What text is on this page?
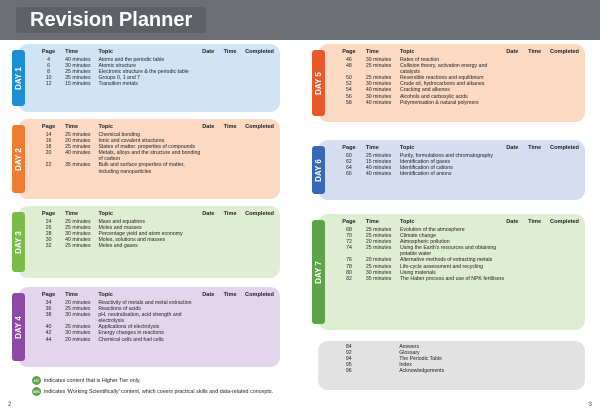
Revision Planner
DAY 1
Page	Time	Topic	Date	Time	Completed
4	40 minutes	Atoms and the periodic table			
6	30 minutes	Atomic structure			
8	25 minutes	Electronic structure & the periodic table			
10	35 minutes	Groups 0, 1 and 7			
12	15 minutes	Transition metals			
DAY 2
Page	Time	Topic	Date	Time	Completed
14	25 minutes	Chemical bonding			
16	20 minutes	Ionic and covalent structures			
18	25 minutes	States of matter: properties of compounds			
20	40 minutes	Metals, alloys and the structure and bonding of carbon			
22	35 minutes	Bulk and surface properties of matter, including nanoparticles			
DAY 3
Page	Time	Topic	Date	Time	Completed
24	25 minutes	Mass and equations			
26	25 minutes	Moles and masses			
28	30 minutes	Percentage yield and atom economy			
30	40 minutes	Moles, solutions and masses			
32	25 minutes	Moles and gases			
DAY 4
Page	Time	Topic	Date	Time	Completed
34	20 minutes	Reactivity of metals and metal extraction			
36	25 minutes	Reactions of acids			
38	30 minutes	pH, neutralisation, acid strength and electrolysis			
40	25 minutes	Applications of electrolysis			
42	30 minutes	Energy changes in reactions			
44	20 minutes	Chemical cells and fuel cells			
DAY 5
Page	Time	Topic	Date	Time	Completed
46	30 minutes	Rates of reaction			
48	25 minutes	Collision theory, activation energy and catalysts			
50	25 minutes	Reversible reactions and equilibrium			
52	30 minutes	Crude oil, hydrocarbons and alkanes			
54	40 minutes	Cracking and alkenes			
56	30 minutes	Alcohols and carboxylic acids			
58	40 minutes	Polymerisation & natural polymers			
DAY 6
Page	Time	Topic	Date	Time	Completed
60	25 minutes	Purity, formulations and chromatography			
62	15 minutes	Identification of gases			
64	40 minutes	Identification of cations			
66	40 minutes	Identification of anions			
DAY 7
Page	Time	Topic	Date	Time	Completed
68	25 minutes	Evolution of the atmosphere			
70	25 minutes	Climate change			
72	20 minutes	Atmospheric pollution			
74	25 minutes	Using the Earth's resources and obtaining potable water			
76	20 minutes	Alternative methods of extracting metals			
78	25 minutes	Life-cycle assessment and recycling			
80	30 minutes	Using materials			
82	35 minutes	The Haber process and use of NPK fertilisers			
84		Answers
92		Glossary
94		The Periodic Table
95		Index
96		Acknowledgements
HT indicates content that is Higher Tier only.
WS indicates 'Working Scientifically' content, which covers practical skills and data-related concepts.
2	3
